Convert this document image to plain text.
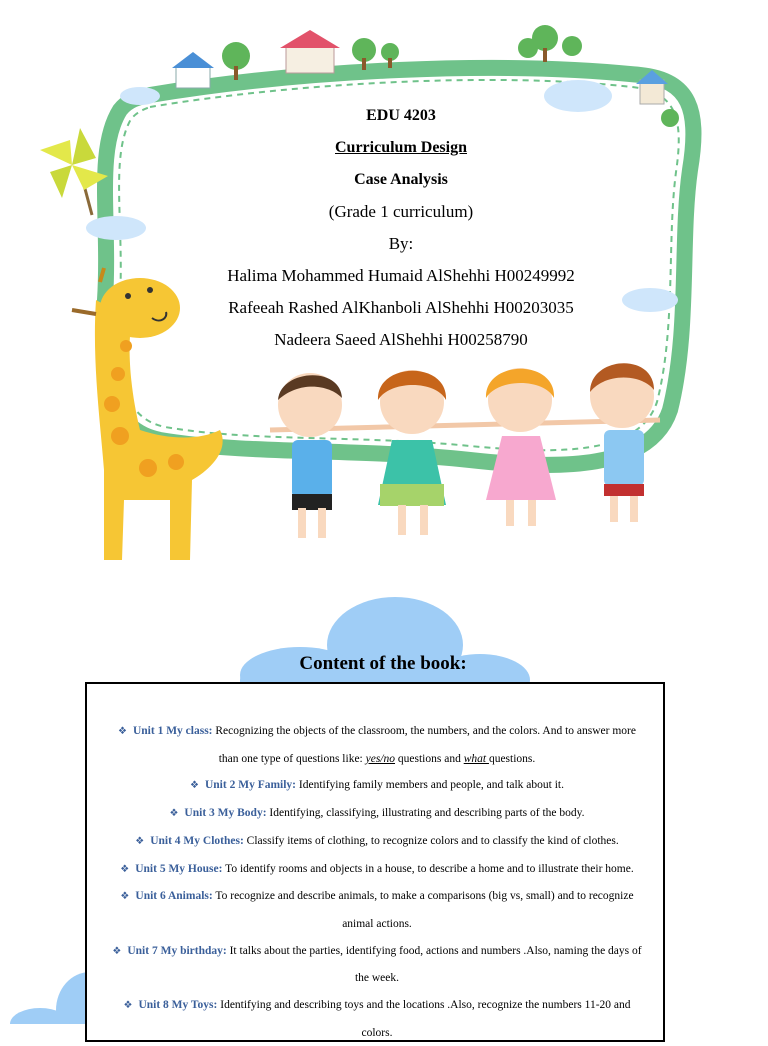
EDU 4203

Curriculum Design

Case Analysis

(Grade 1 curriculum)

By:

Halima Mohammed Humaid AlShehhi H00249992

Rafeeah Rashed AlKhanboli AlShehhi H00203035

Nadeera Saeed AlShehhi H00258790

Content of the book:

❖ Unit 1 My class: Recognizing the objects of the classroom, the numbers, and the colors. And to answer more than one type of questions like: yes/no questions and what questions.

❖ Unit 2 My Family: Identifying family members and people, and talk about it.

❖ Unit 3 My Body: Identifying, classifying, illustrating and describing parts of the body.

❖ Unit 4 My Clothes: Classify items of clothing, to recognize colors and to classify the kind of clothes.

❖ Unit 5 My House: To identify rooms and objects in a house, to describe a home and to illustrate their home.

❖ Unit 6 Animals: To recognize and describe animals, to make a comparisons (big vs, small) and to recognize animal actions.

❖ Unit 7 My birthday: It talks about the parties, identifying food, actions and numbers .Also, naming the days of the week.

❖ Unit 8 My Toys: Identifying and describing toys and the locations .Also, recognize the numbers 11-20 and colors.
